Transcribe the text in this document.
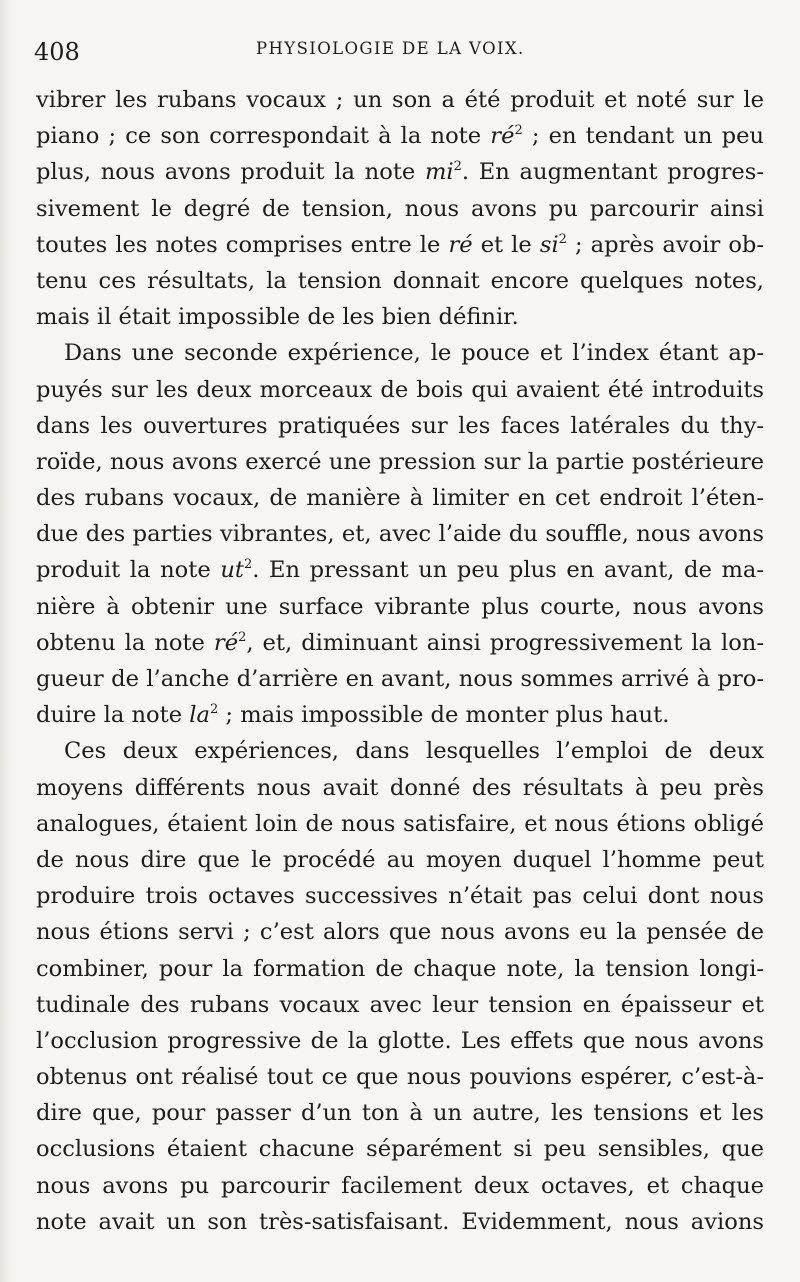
408	PHYSIOLOGIE DE LA VOIX.
vibrer les rubans vocaux ; un son a été produit et noté sur le
piano ; ce son correspondait à la note $ré^2$ ; en tendant un peu
plus, nous avons produit la note $mi^2$. En augmentant progres-
sivement le degré de tension, nous avons pu parcourir ainsi
toutes les notes comprises entre le ré et le $si^2$ ; après avoir ob-
tenu ces résultats, la tension donnait encore quelques notes,
mais il était impossible de les bien définir.
Dans une seconde expérience, le pouce et l’index étant ap-
puyés sur les deux morceaux de bois qui avaient été introduits
dans les ouvertures pratiquées sur les faces latérales du thy-
roïde, nous avons exercé une pression sur la partie postérieure
des rubans vocaux, de manière à limiter en cet endroit l’éten-
due des parties vibrantes, et, avec l’aide du souffle, nous avons
produit la note $ut^2$. En pressant un peu plus en avant, de ma-
nière à obtenir une surface vibrante plus courte, nous avons
obtenu la note $ré^2$, et, diminuant ainsi progressivement la lon-
gueur de l’anche d’arrière en avant, nous sommes arrivé à pro-
duire la note $la^2$ ; mais impossible de monter plus haut.
Ces deux expériences, dans lesquelles l’emploi de deux
moyens différents nous avait donné des résultats à peu près
analogues, étaient loin de nous satisfaire, et nous étions obligé
de nous dire que le procédé au moyen duquel l’homme peut
produire trois octaves successives n’était pas celui dont nous
nous étions servi ; c’est alors que nous avons eu la pensée de
combiner, pour la formation de chaque note, la tension longi-
tudinale des rubans vocaux avec leur tension en épaisseur et
l’occlusion progressive de la glotte. Les effets que nous avons
obtenus ont réalisé tout ce que nous pouvions espérer, c’est-à-
dire que, pour passer d’un ton à un autre, les tensions et les
occlusions étaient chacune séparément si peu sensibles, que
nous avons pu parcourir facilement deux octaves, et chaque
note avait un son très-satisfaisant. Evidemment, nous avions
